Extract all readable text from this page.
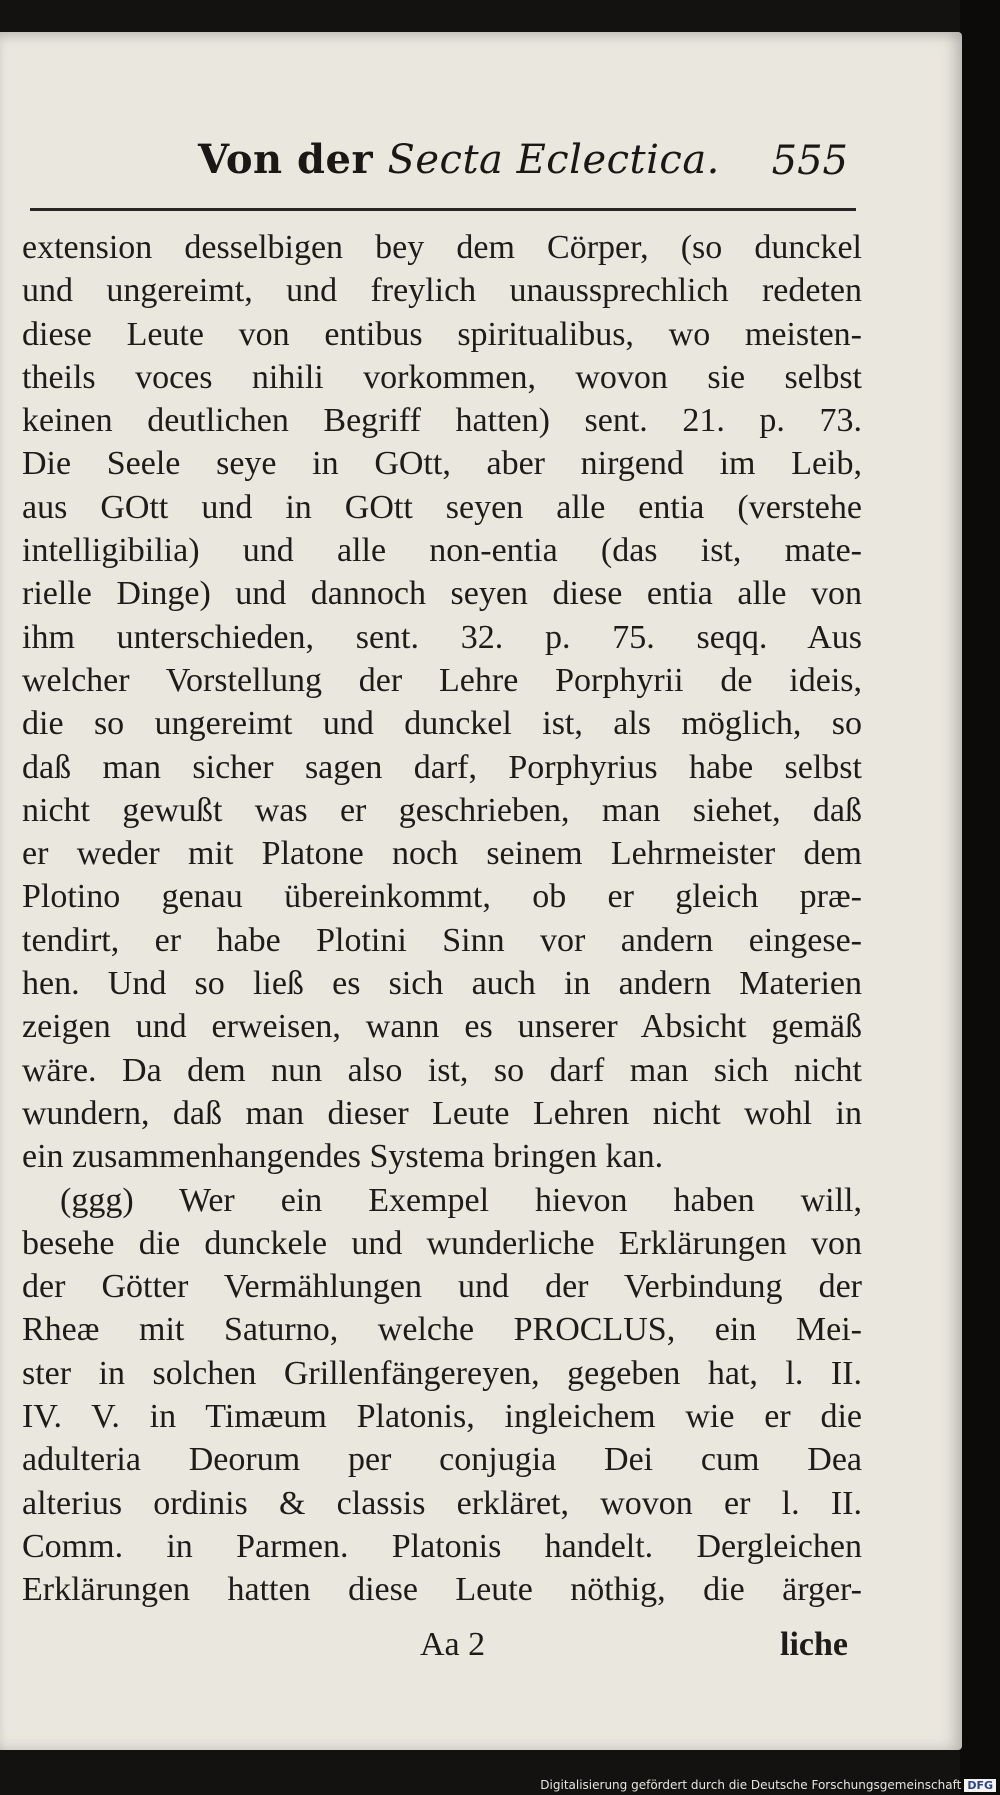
Von der Secta Eclectica. 555
extension desselbigen bey dem Cörper, (so dunckel
und ungereimt, und freylich unaussprechlich redeten
diese Leute von entibus spiritualibus, wo meisten-
theils voces nihili vorkommen, wovon sie selbst
keinen deutlichen Begriff hatten) sent. 21. p. 73.
Die Seele seye in GOtt, aber nirgend im Leib,
aus GOtt und in GOtt seyen alle entia (verstehe
intelligibilia) und alle non-entia (das ist, mate-
rielle Dinge) und dannoch seyen diese entia alle von
ihm unterschieden, sent. 32. p. 75. seqq. Aus
welcher Vorstellung der Lehre Porphyrii de ideis,
die so ungereimt und dunckel ist, als möglich, so
daß man sicher sagen darf, Porphyrius habe selbst
nicht gewußt was er geschrieben, man siehet, daß
er weder mit Platone noch seinem Lehrmeister dem
Plotino genau übereinkommt, ob er gleich præ-
tendirt, er habe Plotini Sinn vor andern eingese-
hen. Und so ließ es sich auch in andern Materien
zeigen und erweisen, wann es unserer Absicht gemäß
wäre. Da dem nun also ist, so darf man sich nicht
wundern, daß man dieser Leute Lehren nicht wohl in
ein zusammenhangendes Systema bringen kan.
(ggg) Wer ein Exempel hievon haben will,
besehe die dunckele und wunderliche Erklärungen von
der Götter Vermählungen und der Verbindung der
Rheæ mit Saturno, welche PROCLUS, ein Mei-
ster in solchen Grillenfängereyen, gegeben hat, l. II.
IV. V. in Timæum Platonis, ingleichem wie er die
adulteria Deorum per conjugia Dei cum Dea
alterius ordinis & classis erkläret, wovon er l. II.
Comm. in Parmen. Platonis handelt. Dergleichen
Erklärungen hatten diese Leute nöthig, die ärger-
Aa 2	liche
Digitalisierung gefördert durch die Deutsche Forschungsgemeinschaft DFG
